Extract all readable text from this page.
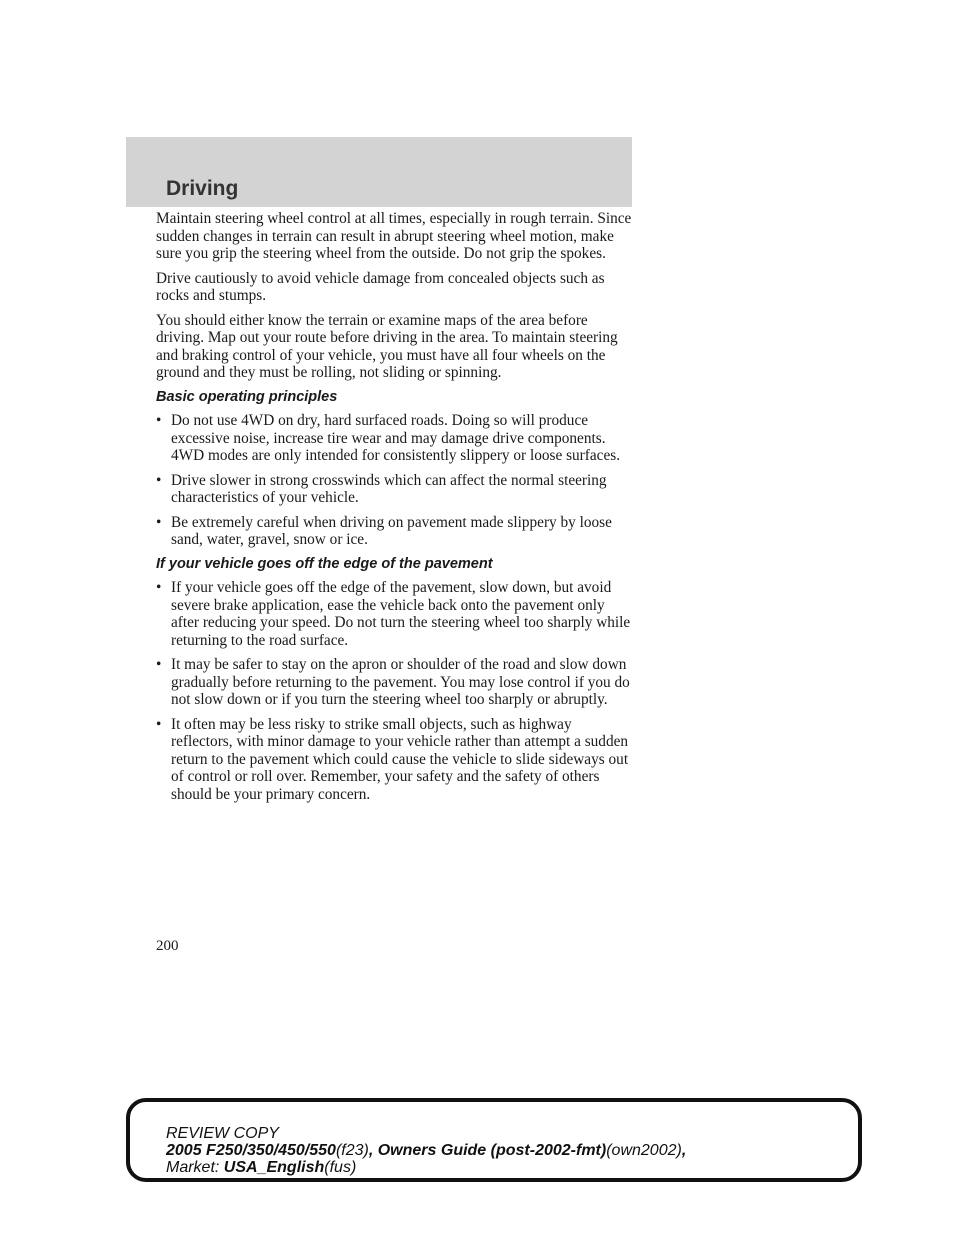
Driving

Maintain steering wheel control at all times, especially in rough terrain. Since sudden changes in terrain can result in abrupt steering wheel motion, make sure you grip the steering wheel from the outside. Do not grip the spokes.

Drive cautiously to avoid vehicle damage from concealed objects such as rocks and stumps.

You should either know the terrain or examine maps of the area before driving. Map out your route before driving in the area. To maintain steering and braking control of your vehicle, you must have all four wheels on the ground and they must be rolling, not sliding or spinning.

Basic operating principles
• Do not use 4WD on dry, hard surfaced roads. Doing so will produce excessive noise, increase tire wear and may damage drive components. 4WD modes are only intended for consistently slippery or loose surfaces.
• Drive slower in strong crosswinds which can affect the normal steering characteristics of your vehicle.
• Be extremely careful when driving on pavement made slippery by loose sand, water, gravel, snow or ice.
If your vehicle goes off the edge of the pavement
• If your vehicle goes off the edge of the pavement, slow down, but avoid severe brake application, ease the vehicle back onto the pavement only after reducing your speed. Do not turn the steering wheel too sharply while returning to the road surface.
• It may be safer to stay on the apron or shoulder of the road and slow down gradually before returning to the pavement. You may lose control if you do not slow down or if you turn the steering wheel too sharply or abruptly.
• It often may be less risky to strike small objects, such as highway reflectors, with minor damage to your vehicle rather than attempt a sudden return to the pavement which could cause the vehicle to slide sideways out of control or roll over. Remember, your safety and the safety of others should be your primary concern.
200
REVIEW COPY
2005 F250/350/450/550(f23), Owners Guide (post-2002-fmt)(own2002),
Market: USA_English(fus)
